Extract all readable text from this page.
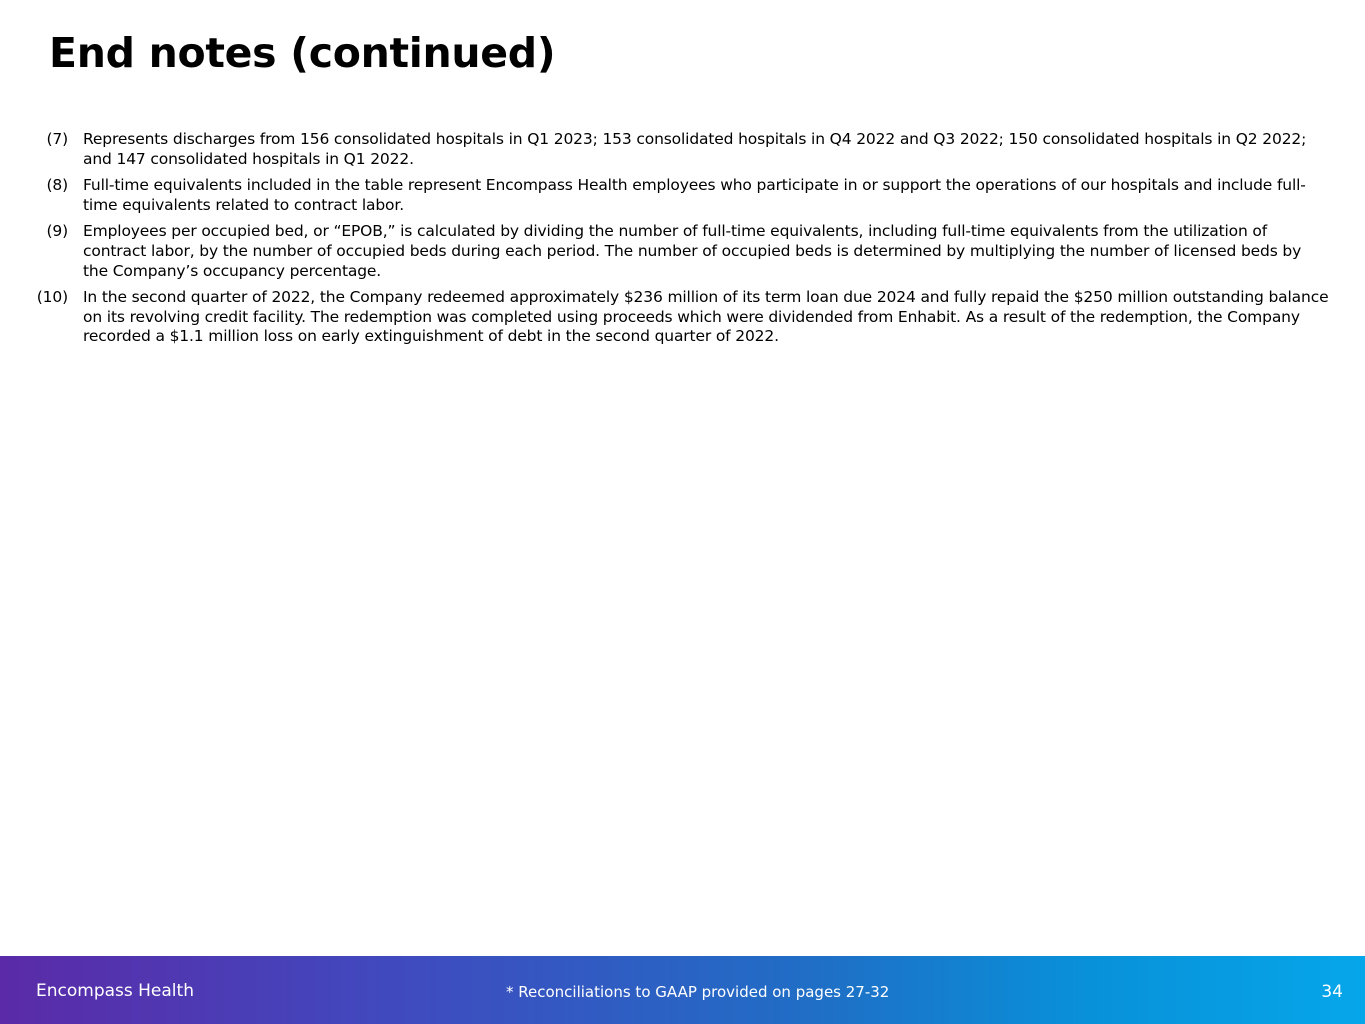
End notes (continued)
(7) Represents discharges from 156 consolidated hospitals in Q1 2023; 153 consolidated hospitals in Q4 2022 and Q3 2022; 150 consolidated hospitals in Q2 2022; and 147 consolidated hospitals in Q1 2022.
(8) Full-time equivalents included in the table represent Encompass Health employees who participate in or support the operations of our hospitals and include full-time equivalents related to contract labor.
(9) Employees per occupied bed, or “EPOB,” is calculated by dividing the number of full-time equivalents, including full-time equivalents from the utilization of contract labor, by the number of occupied beds during each period. The number of occupied beds is determined by multiplying the number of licensed beds by the Company’s occupancy percentage.
(10) In the second quarter of 2022, the Company redeemed approximately $236 million of its term loan due 2024 and fully repaid the $250 million outstanding balance on its revolving credit facility. The redemption was completed using proceeds which were dividended from Enhabit. As a result of the redemption, the Company recorded a $1.1 million loss on early extinguishment of debt in the second quarter of 2022.
Encompass Health	* Reconciliations to GAAP provided on pages 27-32	34
